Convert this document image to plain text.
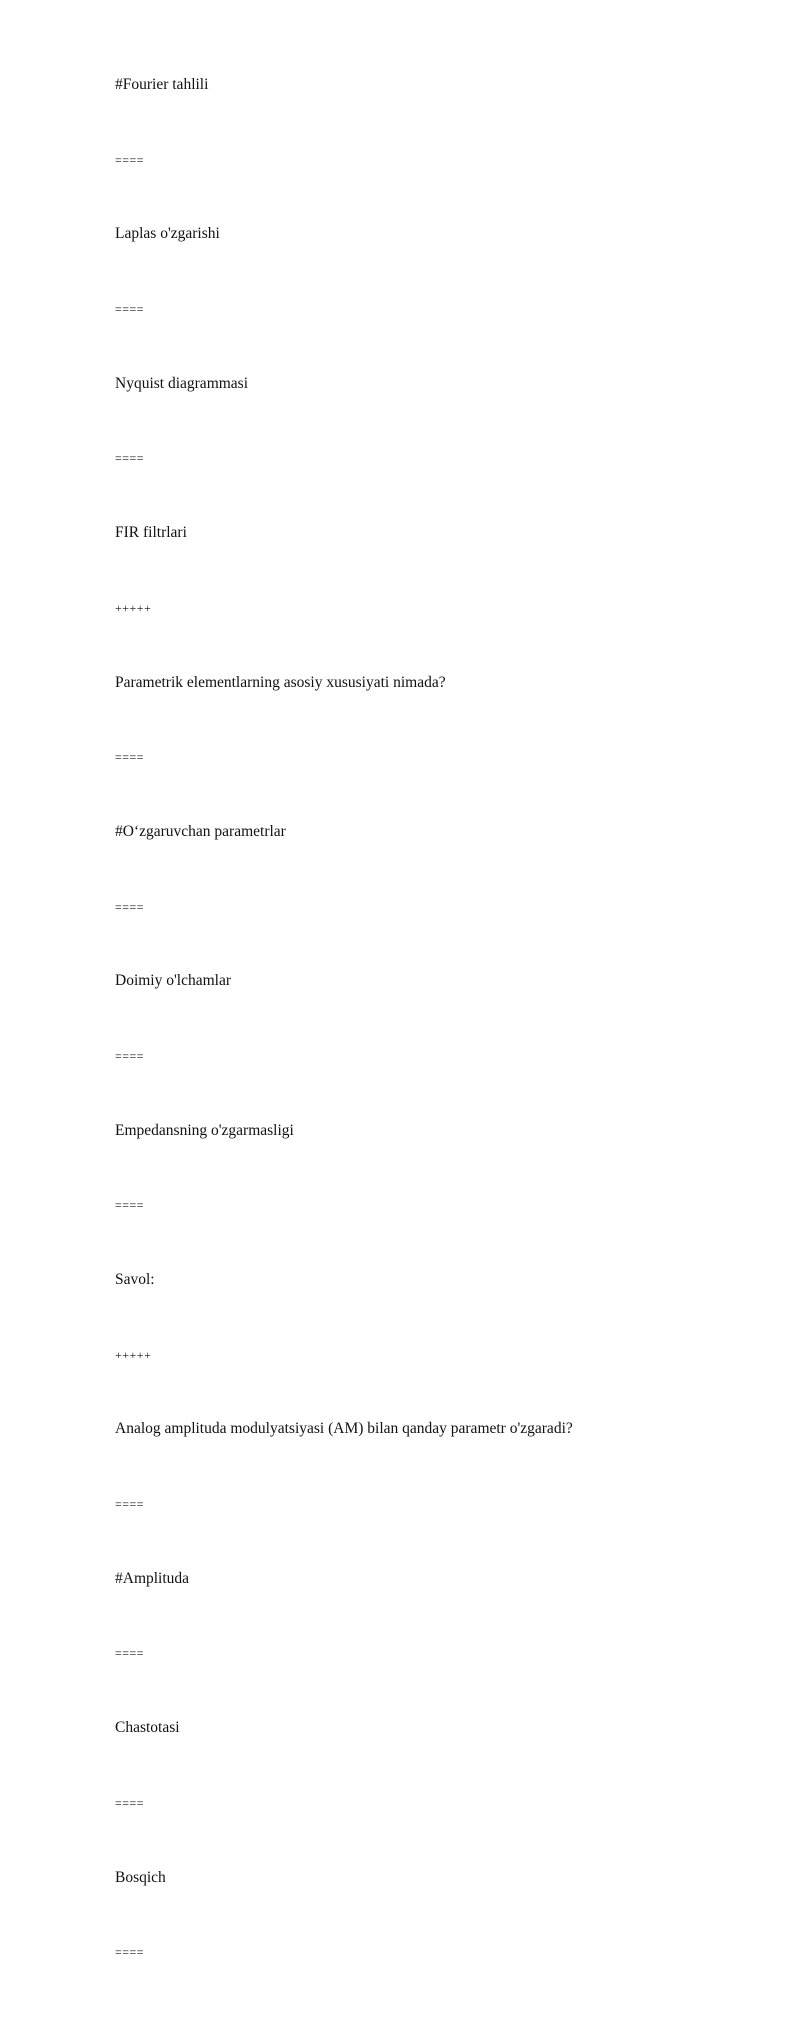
#Fourier tahlili
====
Laplas o'zgarishi
====
Nyquist diagrammasi
====
FIR filtrlari
+++++
Parametrik elementlarning asosiy xususiyati nimada?
====
#O‘zgaruvchan parametrlar
====
Doimiy o'lchamlar
====
Empedansning o'zgarmasligi
====
Savol:
+++++
Analog amplituda modulyatsiyasi (AM) bilan qanday parametr o'zgaradi?
====
#Amplituda
====
Chastotasi
====
Bosqich
====
